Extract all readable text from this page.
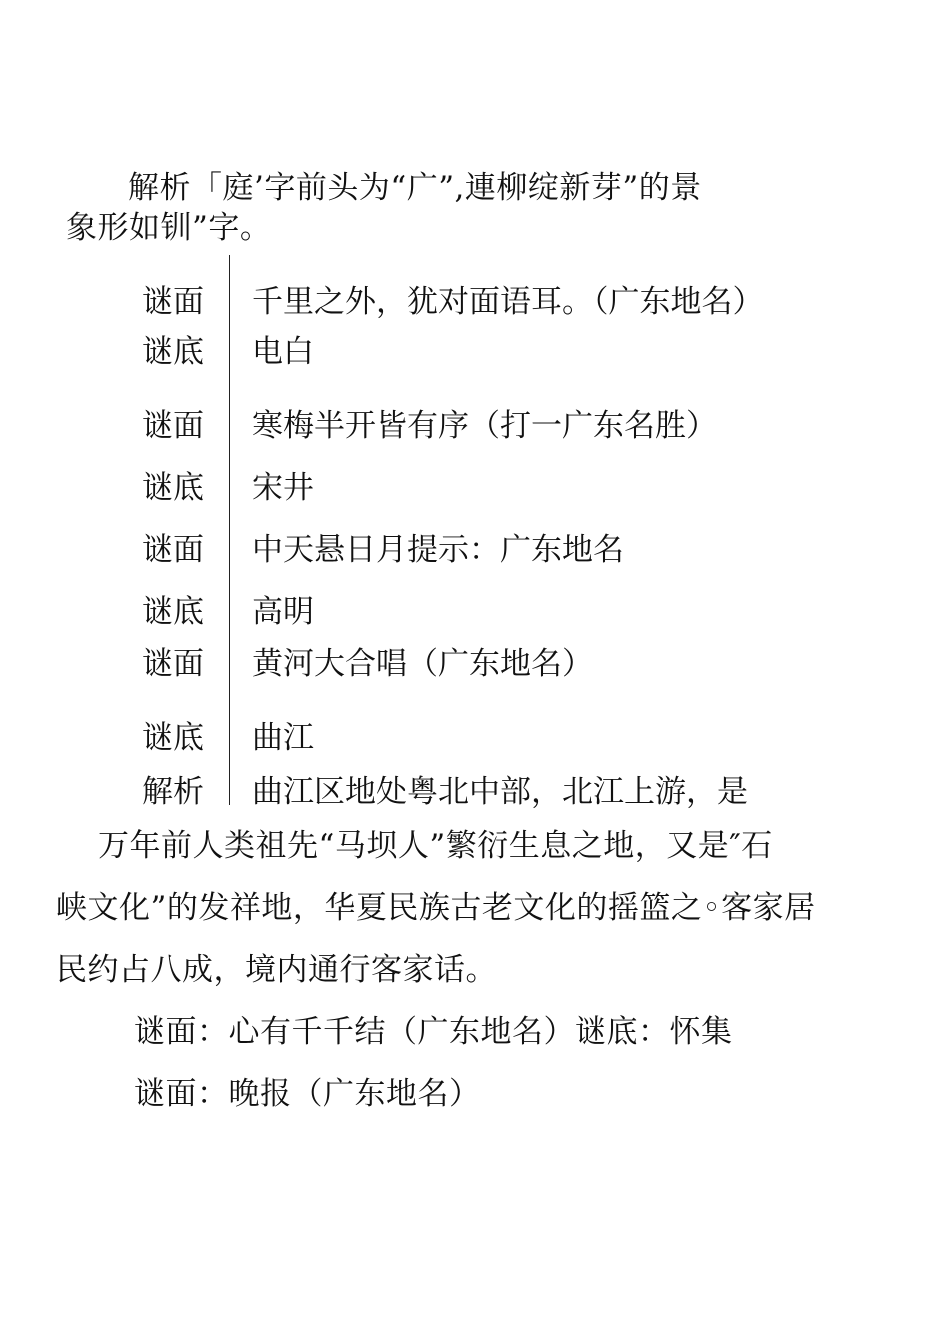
解析「庭’字前头为“广”,連柳绽新芽”的景
象形如钏”字。
谜面 千里之外，犹对面语耳。（广东地名）
谜底 电白
谜面 寒梅半开皆有序（打一广东名胜）
谜底 宋井
谜面 中天悬日月提示：广东地名
谜底 高明
谜面 黄河大合唱（广东地名）
谜底 曲江
解析 曲江区地处粤北中部，北江上游，是
万年前人类祖先“马坝人”繁衍生息之地，又是″石
峡文化”的发祥地，华夏民族古老文化的摇篮之◦客家居
民约占八成，境内通行客家话。
谜面：心有千千结（广东地名）谜底：怀集
谜面：晚报（广东地名）
